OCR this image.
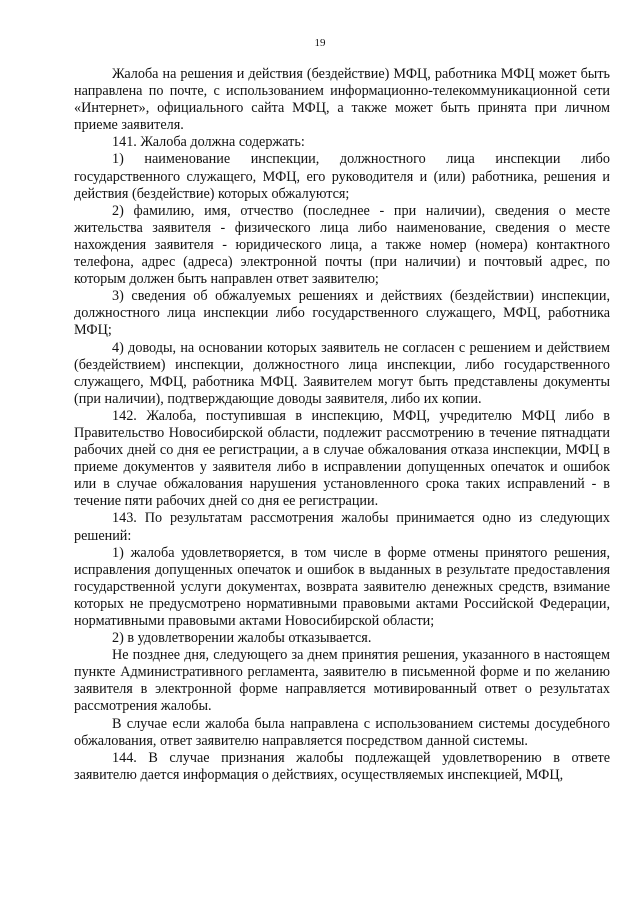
19

Жалоба на решения и действия (бездействие) МФЦ, работника МФЦ может быть направлена по почте, с использованием информационно-телекоммуникационной сети «Интернет», официального сайта МФЦ, а также может быть принята при личном приеме заявителя.

141. Жалоба должна содержать:

1) наименование инспекции, должностного лица инспекции либо государственного служащего, МФЦ, его руководителя и (или) работника, решения и действия (бездействие) которых обжалуются;

2) фамилию, имя, отчество (последнее - при наличии), сведения о месте жительства заявителя - физического лица либо наименование, сведения о месте нахождения заявителя - юридического лица, а также номер (номера) контактного телефона, адрес (адреса) электронной почты (при наличии) и почтовый адрес, по которым должен быть направлен ответ заявителю;

3) сведения об обжалуемых решениях и действиях (бездействии) инспекции, должностного лица инспекции либо государственного служащего, МФЦ, работника МФЦ;

4) доводы, на основании которых заявитель не согласен с решением и действием (бездействием) инспекции, должностного лица инспекции, либо государственного служащего, МФЦ, работника МФЦ. Заявителем могут быть представлены документы (при наличии), подтверждающие доводы заявителя, либо их копии.

142. Жалоба, поступившая в инспекцию, МФЦ, учредителю МФЦ либо в Правительство Новосибирской области, подлежит рассмотрению в течение пятнадцати рабочих дней со дня ее регистрации, а в случае обжалования отказа инспекции, МФЦ в приеме документов у заявителя либо в исправлении допущенных опечаток и ошибок или в случае обжалования нарушения установленного срока таких исправлений - в течение пяти рабочих дней со дня ее регистрации.

143. По результатам рассмотрения жалобы принимается одно из следующих решений:

1) жалоба удовлетворяется, в том числе в форме отмены принятого решения, исправления допущенных опечаток и ошибок в выданных в результате предоставления государственной услуги документах, возврата заявителю денежных средств, взимание которых не предусмотрено нормативными правовыми актами Российской Федерации, нормативными правовыми актами Новосибирской области;

2) в удовлетворении жалобы отказывается.

Не позднее дня, следующего за днем принятия решения, указанного в настоящем пункте Административного регламента, заявителю в письменной форме и по желанию заявителя в электронной форме направляется мотивированный ответ о результатах рассмотрения жалобы.

В случае если жалоба была направлена с использованием системы досудебного обжалования, ответ заявителю направляется посредством данной системы.

144. В случае признания жалобы подлежащей удовлетворению в ответе заявителю дается информация о действиях, осуществляемых инспекцией, МФЦ,
